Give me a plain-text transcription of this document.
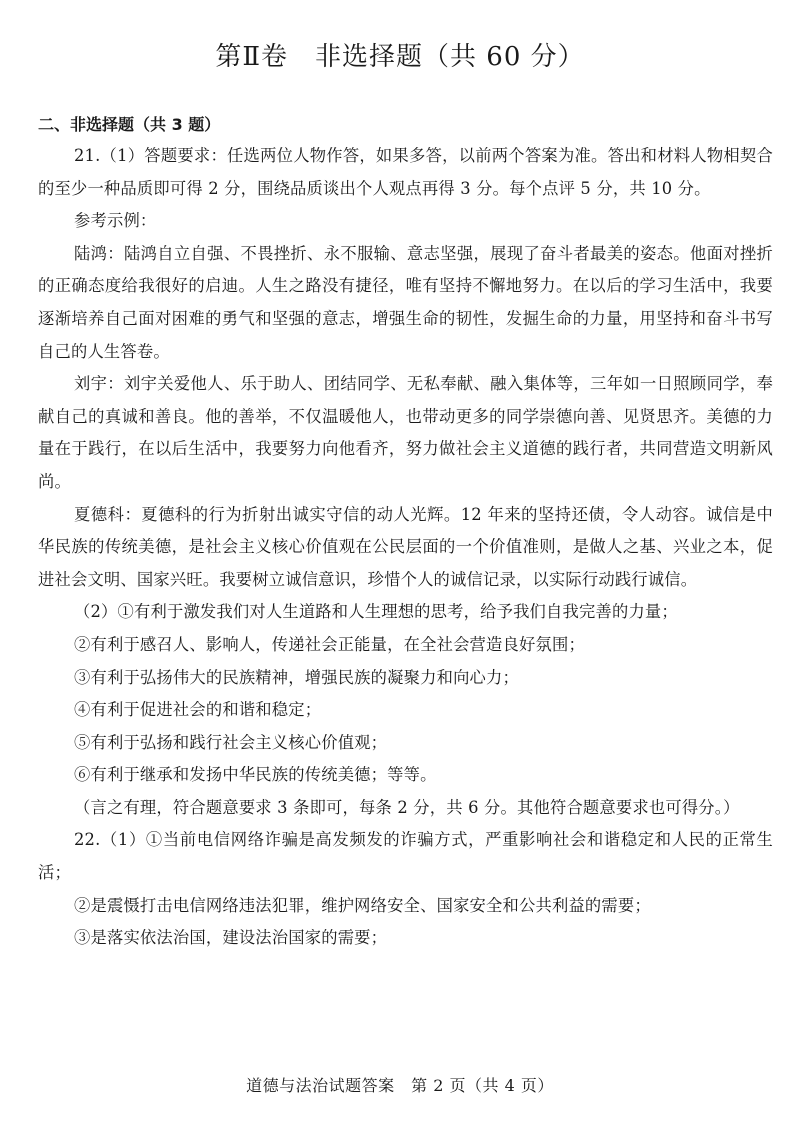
第Ⅱ卷　非选择题（共 60 分）
二、非选择题（共 3 题）

21.（1）答题要求：任选两位人物作答，如果多答，以前两个答案为准。答出和材料人物相契合的至少一种品质即可得 2 分，围绕品质谈出个人观点再得 3 分。每个点评 5 分，共 10 分。

参考示例：

陆鸿：陆鸿自立自强、不畏挫折、永不服输、意志坚强，展现了奋斗者最美的姿态。他面对挫折的正确态度给我很好的启迪。人生之路没有捷径，唯有坚持不懈地努力。在以后的学习生活中，我要逐渐培养自己面对困难的勇气和坚强的意志，增强生命的韧性，发掘生命的力量，用坚持和奋斗书写自己的人生答卷。

刘宇：刘宇关爱他人、乐于助人、团结同学、无私奉献、融入集体等，三年如一日照顾同学，奉献自己的真诚和善良。他的善举，不仅温暖他人，也带动更多的同学崇德向善、见贤思齐。美德的力量在于践行，在以后生活中，我要努力向他看齐，努力做社会主义道德的践行者，共同营造文明新风尚。

夏德科：夏德科的行为折射出诚实守信的动人光辉。12 年来的坚持还债，令人动容。诚信是中华民族的传统美德，是社会主义核心价值观在公民层面的一个价值准则，是做人之基、兴业之本，促进社会文明、国家兴旺。我要树立诚信意识，珍惜个人的诚信记录，以实际行动践行诚信。

（2）①有利于激发我们对人生道路和人生理想的思考，给予我们自我完善的力量；

②有利于感召人、影响人，传递社会正能量，在全社会营造良好氛围；

③有利于弘扬伟大的民族精神，增强民族的凝聚力和向心力；

④有利于促进社会的和谐和稳定；

⑤有利于弘扬和践行社会主义核心价值观；

⑥有利于继承和发扬中华民族的传统美德；等等。

（言之有理，符合题意要求 3 条即可，每条 2 分，共 6 分。其他符合题意要求也可得分。）

22.（1）①当前电信网络诈骗是高发频发的诈骗方式，严重影响社会和谐稳定和人民的正常生活；

②是震慑打击电信网络违法犯罪，维护网络安全、国家安全和公共利益的需要；

③是落实依法治国，建设法治国家的需要；

道德与法治试题答案　第 2 页（共 4 页）
